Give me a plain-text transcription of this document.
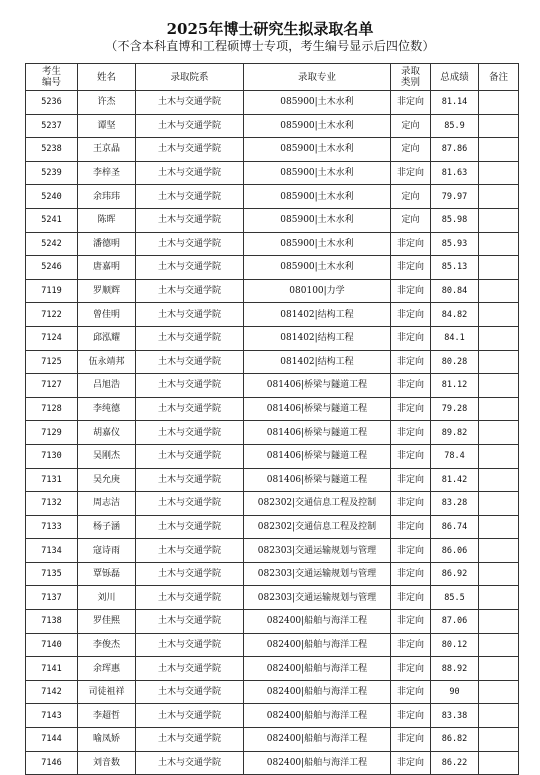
2025年博士研究生拟录取名单
（不含本科直博和工程硕博士专项，考生编号显示后四位数）
考生
编号	姓名	录取院系	录取专业	录取
类别	总成绩	备注
5236	许杰	土木与交通学院	085900|土木水利	非定向	81.14	
5237	谭坚	土木与交通学院	085900|土木水利	定向	85.9	
5238	王京晶	土木与交通学院	085900|土木水利	定向	87.86	
5239	李梓圣	土木与交通学院	085900|土木水利	非定向	81.63	
5240	余玮玮	土木与交通学院	085900|土木水利	定向	79.97	
5241	陈晖	土木与交通学院	085900|土木水利	定向	85.98	
5242	潘德明	土木与交通学院	085900|土木水利	非定向	85.93	
5246	唐嘉明	土木与交通学院	085900|土木水利	非定向	85.13	
7119	罗顺辉	土木与交通学院	080100|力学	非定向	80.84	
7122	曾佳明	土木与交通学院	081402|结构工程	非定向	84.82	
7124	邱泓耀	土木与交通学院	081402|结构工程	非定向	84.1	
7125	伍永靖邦	土木与交通学院	081402|结构工程	非定向	80.28	
7127	吕旭浩	土木与交通学院	081406|桥梁与隧道工程	非定向	81.12	
7128	李纯德	土木与交通学院	081406|桥梁与隧道工程	非定向	79.28	
7129	胡嘉仪	土木与交通学院	081406|桥梁与隧道工程	非定向	89.82	
7130	吴刚杰	土木与交通学院	081406|桥梁与隧道工程	非定向	78.4	
7131	吴允庚	土木与交通学院	081406|桥梁与隧道工程	非定向	81.42	
7132	周志洁	土木与交通学院	082302|交通信息工程及控制	非定向	83.28	
7133	杨子涵	土木与交通学院	082302|交通信息工程及控制	非定向	86.74	
7134	寇诗雨	土木与交通学院	082303|交通运输规划与管理	非定向	86.06	
7135	覃铄磊	土木与交通学院	082303|交通运输规划与管理	非定向	86.92	
7137	刘川	土木与交通学院	082303|交通运输规划与管理	非定向	85.5	
7138	罗佳熙	土木与交通学院	082400|船舶与海洋工程	非定向	87.06	
7140	李俊杰	土木与交通学院	082400|船舶与海洋工程	非定向	80.12	
7141	余珲惠	土木与交通学院	082400|船舶与海洋工程	非定向	88.92	
7142	司徒祖祥	土木与交通学院	082400|船舶与海洋工程	非定向	90	
7143	李超哲	土木与交通学院	082400|船舶与海洋工程	非定向	83.38	
7144	喻凤娇	土木与交通学院	082400|船舶与海洋工程	非定向	86.82	
7146	刘音数	土木与交通学院	082400|船舶与海洋工程	非定向	86.22	
